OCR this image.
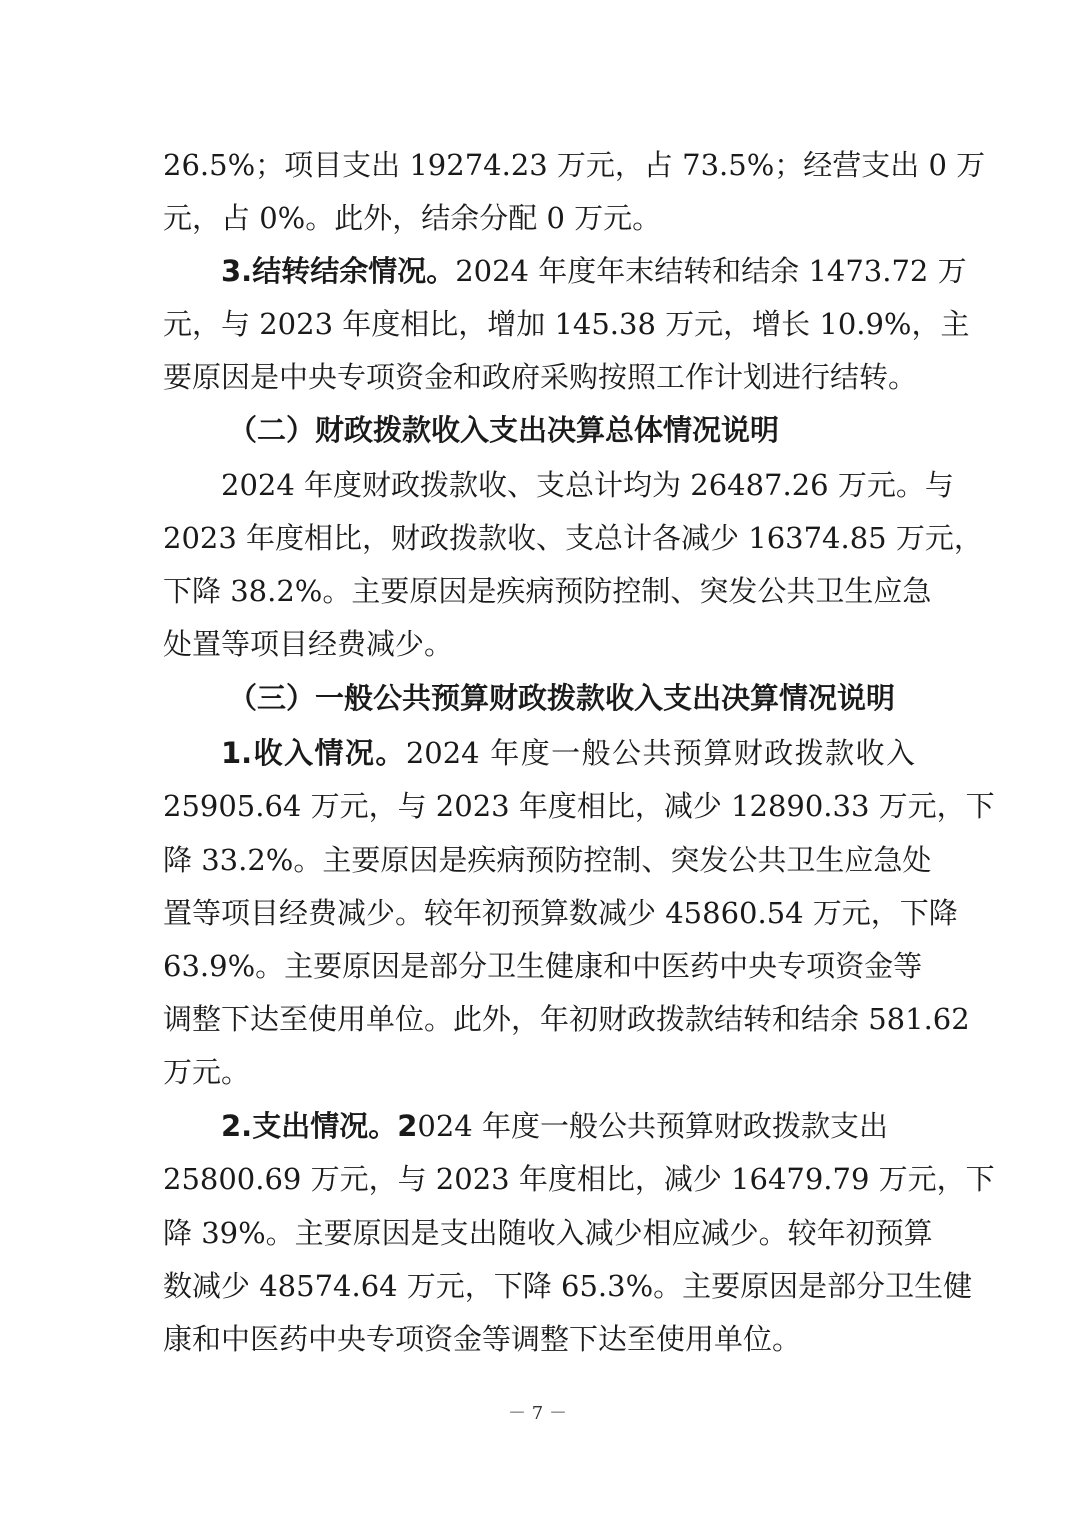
26.5%；项目支出 19274.23 万元，占 73.5%；经营支出 0 万
元，占 0%。此外，结余分配 0 万元。
3.结转结余情况。2024 年度年末结转和结余 1473.72 万
元，与 2023 年度相比，增加 145.38 万元，增长 10.9%，主
要原因是中央专项资金和政府采购按照工作计划进行结转。
（二）财政拨款收入支出决算总体情况说明
2024 年度财政拨款收、支总计均为 26487.26 万元。与
2023 年度相比，财政拨款收、支总计各减少 16374.85 万元，
下降 38.2%。主要原因是疾病预防控制、突发公共卫生应急
处置等项目经费减少。
（三）一般公共预算财政拨款收入支出决算情况说明
1.收入情况。2024 年度一般公共预算财政拨款收入
25905.64 万元，与 2023 年度相比，减少 12890.33 万元，下
降 33.2%。主要原因是疾病预防控制、突发公共卫生应急处
置等项目经费减少。较年初预算数减少 45860.54 万元，下降
63.9%。主要原因是部分卫生健康和中医药中央专项资金等
调整下达至使用单位。此外，年初财政拨款结转和结余 581.62
万元。
2.支出情况。2024 年度一般公共预算财政拨款支出
25800.69 万元，与 2023 年度相比，减少 16479.79 万元，下
降 39%。主要原因是支出随收入减少相应减少。较年初预算
数减少 48574.64 万元，下降 65.3%。主要原因是部分卫生健
康和中医药中央专项资金等调整下达至使用单位。
－ 7 －
